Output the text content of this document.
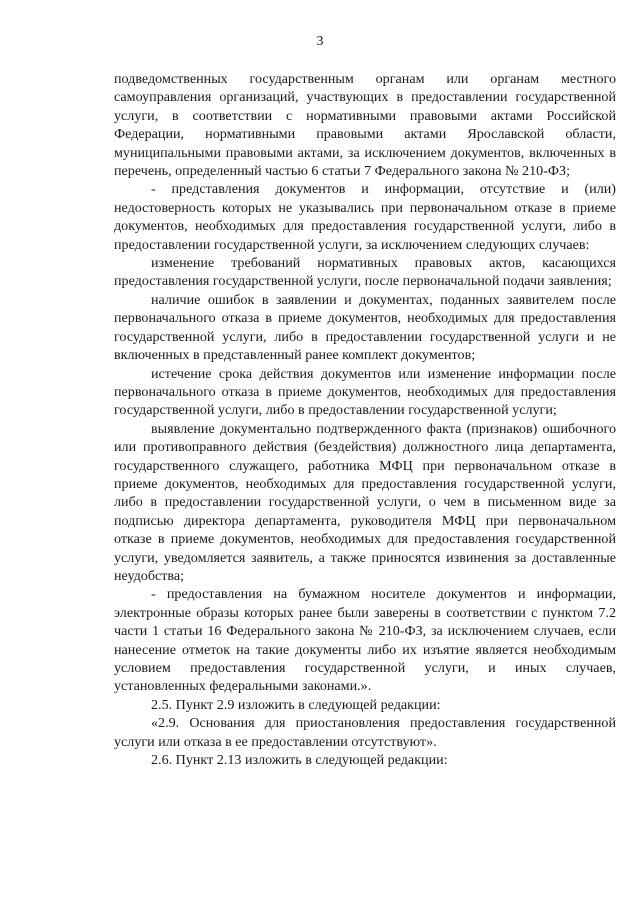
3

подведомственных государственным органам или органам местного самоуправления организаций, участвующих в предоставлении государственной услуги, в соответствии с нормативными правовыми актами Российской Федерации, нормативными правовыми актами Ярославской области, муниципальными правовыми актами, за исключением документов, включенных в перечень, определенный частью 6 статьи 7 Федерального закона № 210-ФЗ;

- представления документов и информации, отсутствие и (или) недостоверность которых не указывались при первоначальном отказе в приеме документов, необходимых для предоставления государственной услуги, либо в предоставлении государственной услуги, за исключением следующих случаев:

изменение требований нормативных правовых актов, касающихся предоставления государственной услуги, после первоначальной подачи заявления;

наличие ошибок в заявлении и документах, поданных заявителем после первоначального отказа в приеме документов, необходимых для предоставления государственной услуги, либо в предоставлении государственной услуги и не включенных в представленный ранее комплект документов;

истечение срока действия документов или изменение информации после первоначального отказа в приеме документов, необходимых для предоставления государственной услуги, либо в предоставлении государственной услуги;

выявление документально подтвержденного факта (признаков) ошибочного или противоправного действия (бездействия) должностного лица департамента, государственного служащего, работника МФЦ при первоначальном отказе в приеме документов, необходимых для предоставления государственной услуги, либо в предоставлении государственной услуги, о чем в письменном виде за подписью директора департамента, руководителя МФЦ при первоначальном отказе в приеме документов, необходимых для предоставления государственной услуги, уведомляется заявитель, а также приносятся извинения за доставленные неудобства;

- предоставления на бумажном носителе документов и информации, электронные образы которых ранее были заверены в соответствии с пунктом 7.2 части 1 статьи 16 Федерального закона № 210-ФЗ, за исключением случаев, если нанесение отметок на такие документы либо их изъятие является необходимым условием предоставления государственной услуги, и иных случаев, установленных федеральными законами.».

2.5. Пункт 2.9 изложить в следующей редакции:

«2.9. Основания для приостановления предоставления государственной услуги или отказа в ее предоставлении отсутствуют».

2.6. Пункт 2.13 изложить в следующей редакции:
